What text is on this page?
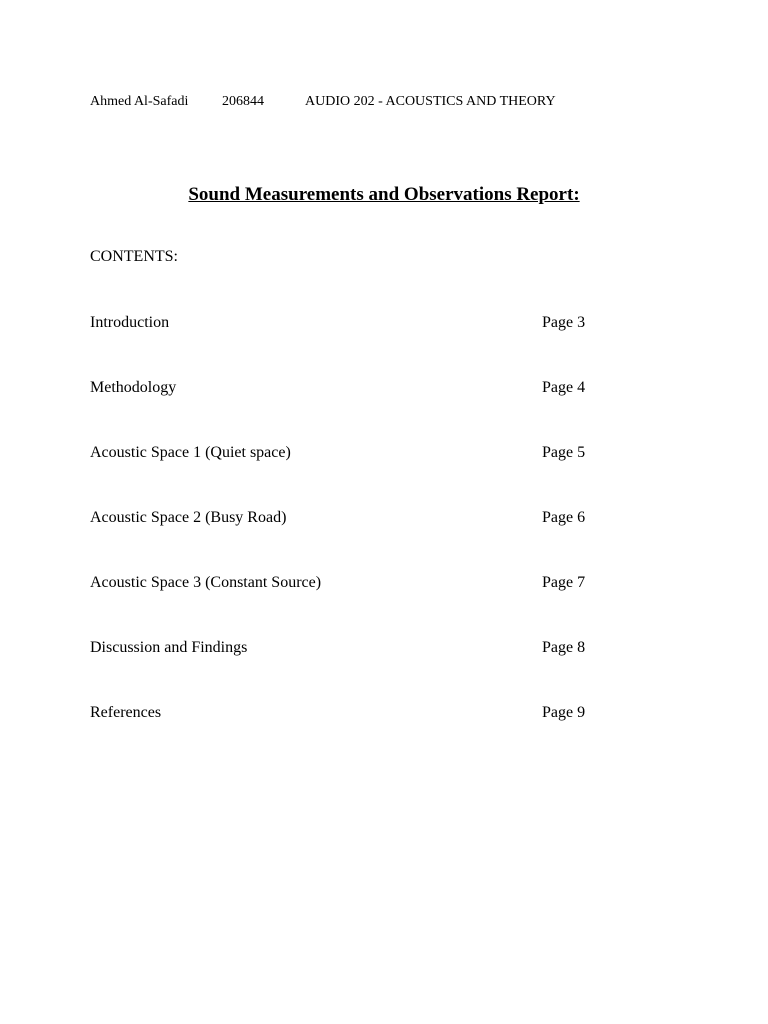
Ahmed Al-Safadi 206844	AUDIO 202 - ACOUSTICS AND THEORY
Sound Measurements and Observations Report:
CONTENTS:
Introduction	Page 3
Methodology	Page 4
Acoustic Space 1 (Quiet space)	Page 5
Acoustic Space 2 (Busy Road)	Page 6
Acoustic Space 3 (Constant Source)	Page 7
Discussion and Findings	Page 8
References	Page 9
